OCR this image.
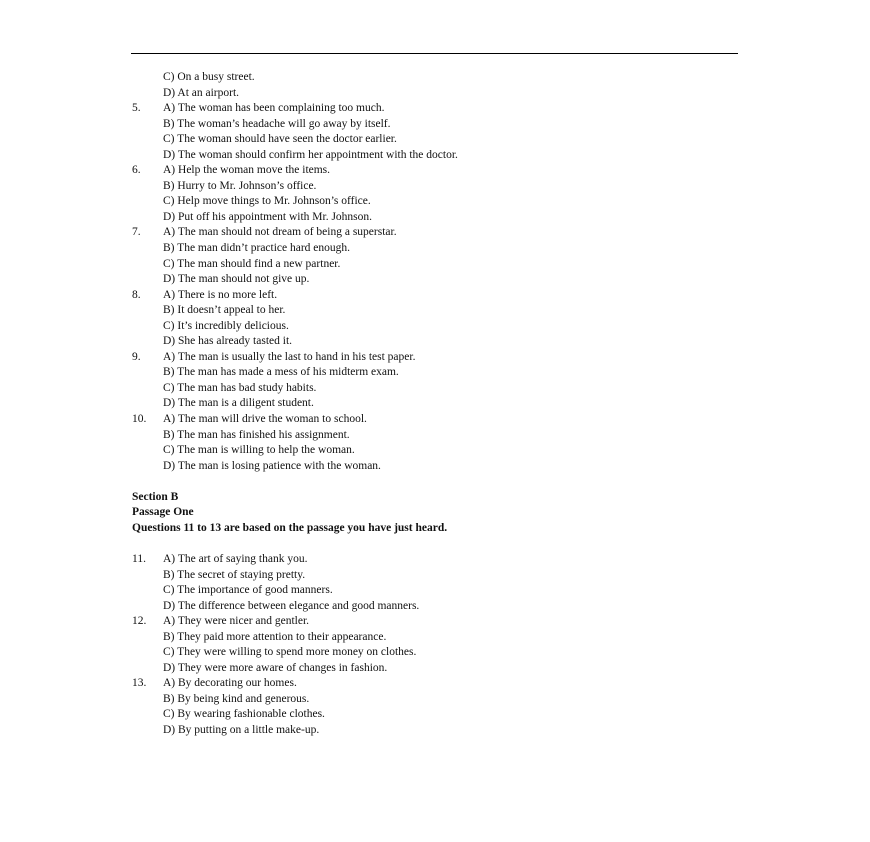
C) On a busy street.
D) At an airport.
5. A) The woman has been complaining too much.
B) The woman’s headache will go away by itself.
C) The woman should have seen the doctor earlier.
D) The woman should confirm her appointment with the doctor.
6. A) Help the woman move the items.
B) Hurry to Mr. Johnson’s office.
C) Help move things to Mr. Johnson’s office.
D) Put off his appointment with Mr. Johnson.
7. A) The man should not dream of being a superstar.
B) The man didn’t practice hard enough.
C) The man should find a new partner.
D) The man should not give up.
8. A) There is no more left.
B) It doesn’t appeal to her.
C) It’s incredibly delicious.
D) She has already tasted it.
9. A) The man is usually the last to hand in his test paper.
B) The man has made a mess of his midterm exam.
C) The man has bad study habits.
D) The man is a diligent student.
10. A) The man will drive the woman to school.
B) The man has finished his assignment.
C) The man is willing to help the woman.
D) The man is losing patience with the woman.
Section B
Passage One
Questions 11 to 13 are based on the passage you have just heard.
11. A) The art of saying thank you.
B) The secret of staying pretty.
C) The importance of good manners.
D) The difference between elegance and good manners.
12. A) They were nicer and gentler.
B) They paid more attention to their appearance.
C) They were willing to spend more money on clothes.
D) They were more aware of changes in fashion.
13. A) By decorating our homes.
B) By being kind and generous.
C) By wearing fashionable clothes.
D) By putting on a little make-up.
